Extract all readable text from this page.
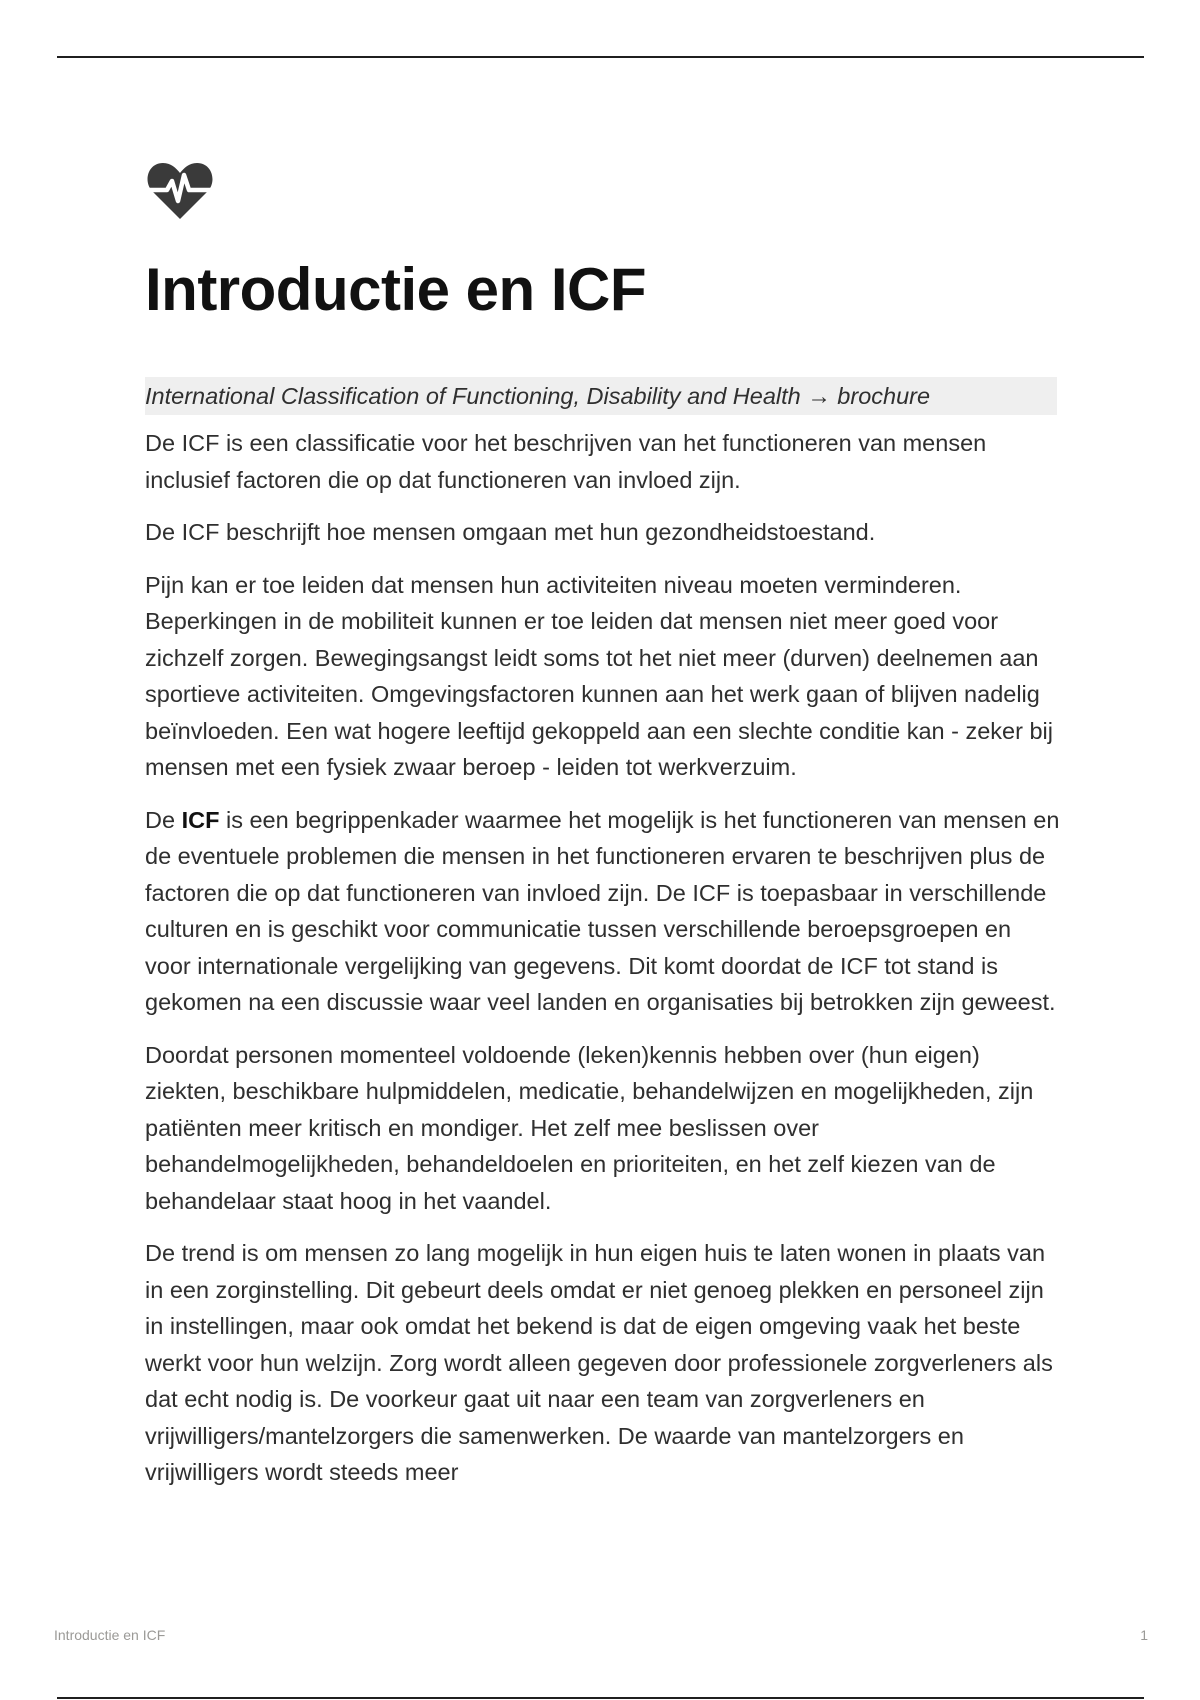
Introductie en ICF
International Classification of Functioning, Disability and Health → brochure

De ICF is een classificatie voor het beschrijven van het functioneren van mensen inclusief factoren die op dat functioneren van invloed zijn.

De ICF beschrijft hoe mensen omgaan met hun gezondheidstoestand.

Pijn kan er toe leiden dat mensen hun activiteiten niveau moeten verminderen. Beperkingen in de mobiliteit kunnen er toe leiden dat mensen niet meer goed voor zichzelf zorgen. Bewegingsangst leidt soms tot het niet meer (durven) deelnemen aan sportieve activiteiten. Omgevingsfactoren kunnen aan het werk gaan of blijven nadelig beïnvloeden. Een wat hogere leeftijd gekoppeld aan een slechte conditie kan - zeker bij mensen met een fysiek zwaar beroep - leiden tot werkverzuim.

De ICF is een begrippenkader waarmee het mogelijk is het functioneren van mensen en de eventuele problemen die mensen in het functioneren ervaren te beschrijven plus de factoren die op dat functioneren van invloed zijn. De ICF is toepasbaar in verschillende culturen en is geschikt voor communicatie tussen verschillende beroepsgroepen en voor internationale vergelijking van gegevens. Dit komt doordat de ICF tot stand is gekomen na een discussie waar veel landen en organisaties bij betrokken zijn geweest.

Doordat personen momenteel voldoende (leken)kennis hebben over (hun eigen) ziekten, beschikbare hulpmiddelen, medicatie, behandelwijzen en mogelijkheden, zijn patiënten meer kritisch en mondiger. Het zelf mee beslissen over behandelmogelijkheden, behandeldoelen en prioriteiten, en het zelf kiezen van de behandelaar staat hoog in het vaandel.

De trend is om mensen zo lang mogelijk in hun eigen huis te laten wonen in plaats van in een zorginstelling. Dit gebeurt deels omdat er niet genoeg plekken en personeel zijn in instellingen, maar ook omdat het bekend is dat de eigen omgeving vaak het beste werkt voor hun welzijn. Zorg wordt alleen gegeven door professionele zorgverleners als dat echt nodig is. De voorkeur gaat uit naar een team van zorgverleners en vrijwilligers/mantelzorgers die samenwerken. De waarde van mantelzorgers en vrijwilligers wordt steeds meer

Introductie en ICF	1
